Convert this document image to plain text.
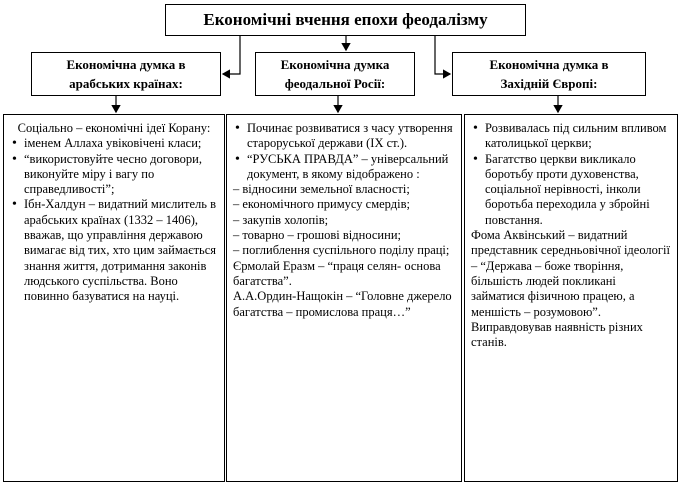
Економічні вчення епохи феодалізму
Економічна думка в
арабських країнах:
Економічна думка
феодальної Росії:
Економічна думка в
Західній Європі:
Соціально – економічні ідеї Корану:
• іменем Аллаха увіковічені класи;
• “використовуйте чесно договори, виконуйте міру і вагу по справедливості”;
• Ібн-Халдун – видатний мислитель в арабських країнах (1332 – 1406), вважав, що управління державою вимагає від тих, хто цим займається знання життя, дотримання законів людського суспільства. Воно повинно базуватися на науці.
• Починає розвиватися з часу утворення староруської держави (IX ст.).
• “РУСЬКА ПРАВДА” – універсальний документ, в якому відображено :
– відносини земельної власності;
– економічного примусу смердів;
– закупів холопів;
– товарно – грошові відносини;
– поглиблення суспільного поділу праці;
Єрмолай Еразм – “праця селян- основа багатства”.
А.А.Ордин-Нащокін – “Головне джерело багатства – промислова праця…”
• Розвивалась під сильним впливом католицької церкви;
• Багатство церкви викликало боротьбу проти духовенства, соціальної нерівності, інколи боротьба переходила у збройні повстання.
Фома Аквінський – видатний представник середньовічної ідеології – “Держава – боже творіння, більшість людей покликані займатися фізичною працею, а меншість – розумовою”. Виправдовував наявність різних станів.
